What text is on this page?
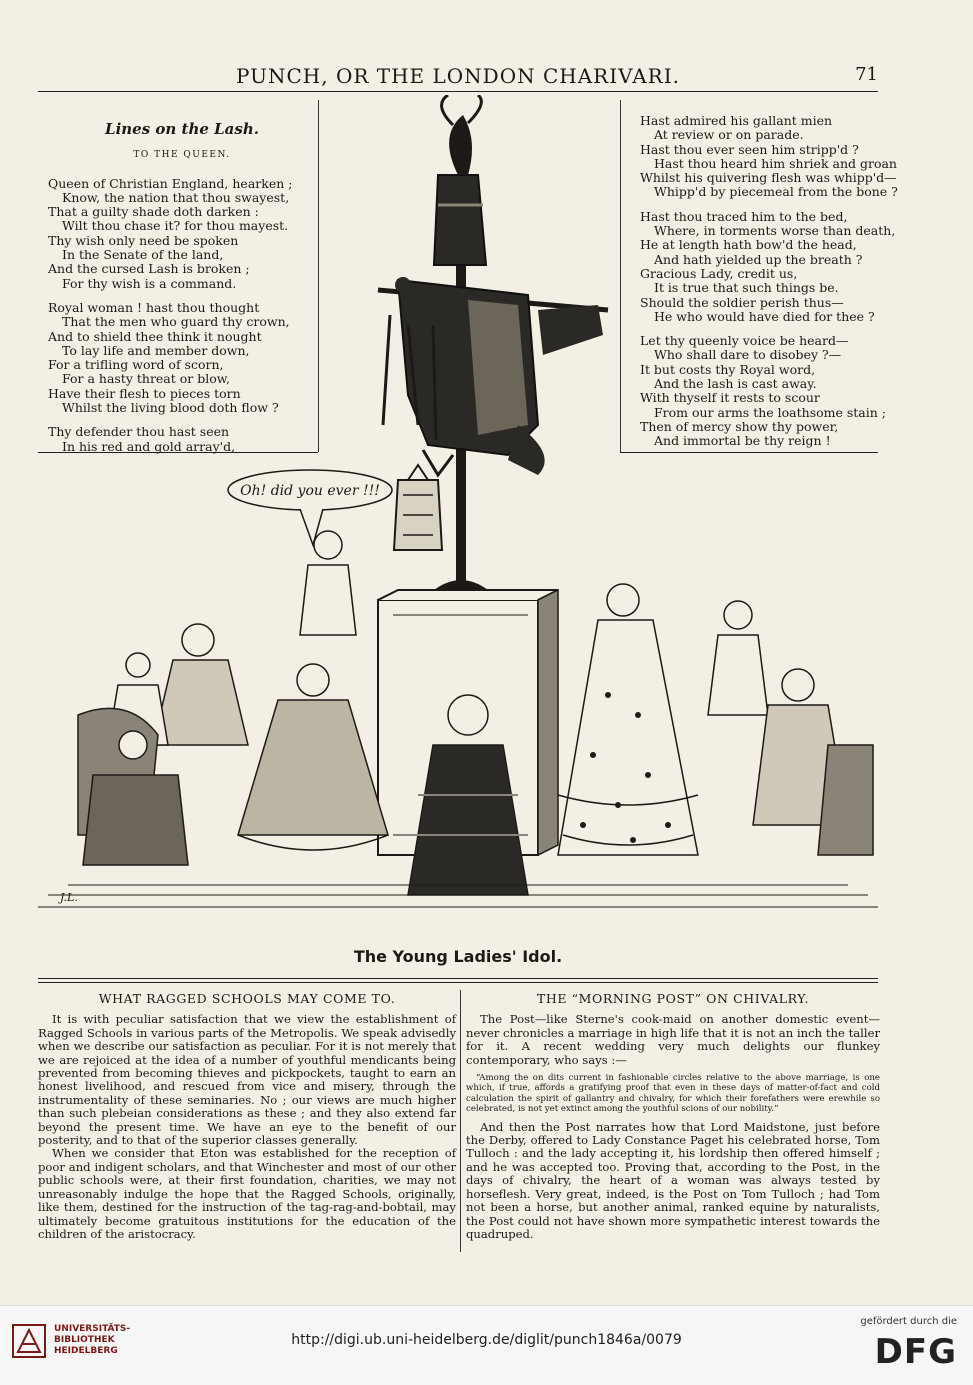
PUNCH, OR THE LONDON CHARIVARI.	71
Lines on the Lash.
TO THE QUEEN.
Queen of Christian England, hearken ;
Know, the nation that thou swayest,
That a guilty shade doth darken :
Wilt thou chase it? for thou mayest.
Thy wish only need be spoken
In the Senate of the land,
And the cursed Lash is broken ;
For thy wish is a command.
Royal woman ! hast thou thought
That the men who guard thy crown,
And to shield thee think it nought
To lay life and member down,
For a trifling word of scorn,
For a hasty threat or blow,
Have their flesh to pieces torn
Whilst the living blood doth flow ?
Thy defender thou hast seen
In his red and gold array'd,
Hast admired his gallant mien
At review or on parade.
Hast thou ever seen him stripp'd ?
Hast thou heard him shriek and groan
Whilst his quivering flesh was whipp'd—
Whipp'd by piecemeal from the bone ?
Hast thou traced him to the bed,
Where, in torments worse than death,
He at length hath bow'd the head,
And hath yielded up the breath ?
Gracious Lady, credit us,
It is true that such things be.
Should the soldier perish thus—
He who would have died for thee ?
Let thy queenly voice be heard—
Who shall dare to disobey ?—
It but costs thy Royal word,
And the lash is cast away.
With thyself it rests to scour
From our arms the loathsome stain ;
Then of mercy show thy power,
And immortal be thy reign !
Oh! did you ever !!!
J.L.
The Young Ladies' Idol.
WHAT RAGGED SCHOOLS MAY COME TO.

It is with peculiar satisfaction that we view the establishment of Ragged Schools in various parts of the Metropolis. We speak advisedly when we describe our satisfaction as peculiar. For it is not merely that we are rejoiced at the idea of a number of youthful mendicants being prevented from becoming thieves and pickpockets, taught to earn an honest livelihood, and rescued from vice and misery, through the instrumentality of these seminaries. No ; our views are much higher than such plebeian considerations as these ; and they also extend far beyond the present time. We have an eye to the benefit of our posterity, and to that of the superior classes generally.

When we consider that Eton was established for the reception of poor and indigent scholars, and that Winchester and most of our other public schools were, at their first foundation, charities, we may not unreasonably indulge the hope that the Ragged Schools, originally, like them, destined for the instruction of the tag-rag-and-bobtail, may ultimately become gratuitous institutions for the education of the children of the aristocracy.

THE “MORNING POST” ON CHIVALRY.

The Post—like Sterne's cook-maid on another domestic event—never chronicles a marriage in high life that it is not an inch the taller for it. A recent wedding very much delights our flunkey contemporary, who says :—

“Among the on dits current in fashionable circles relative to the above marriage, is one which, if true, affords a gratifying proof that even in these days of matter-of-fact and cold calculation the spirit of gallantry and chivalry, for which their forefathers were erewhile so celebrated, is not yet extinct among the youthful scions of our nobility.”

And then the Post narrates how that Lord Maidstone, just before the Derby, offered to Lady Constance Paget his celebrated horse, Tom Tulloch : and the lady accepting it, his lordship then offered himself ; and he was accepted too. Proving that, according to the Post, in the days of chivalry, the heart of a woman was always tested by horseflesh. Very great, indeed, is the Post on Tom Tulloch ; had Tom not been a horse, but another animal, ranked equine by naturalists, the Post could not have shown more sympathetic interest towards the quadruped.

UNIVERSITÄTS-
BIBLIOTHEK
HEIDELBERG
http://digi.ub.uni-heidelberg.de/diglit/punch1846a/0079
gefördert durch die
DFG
